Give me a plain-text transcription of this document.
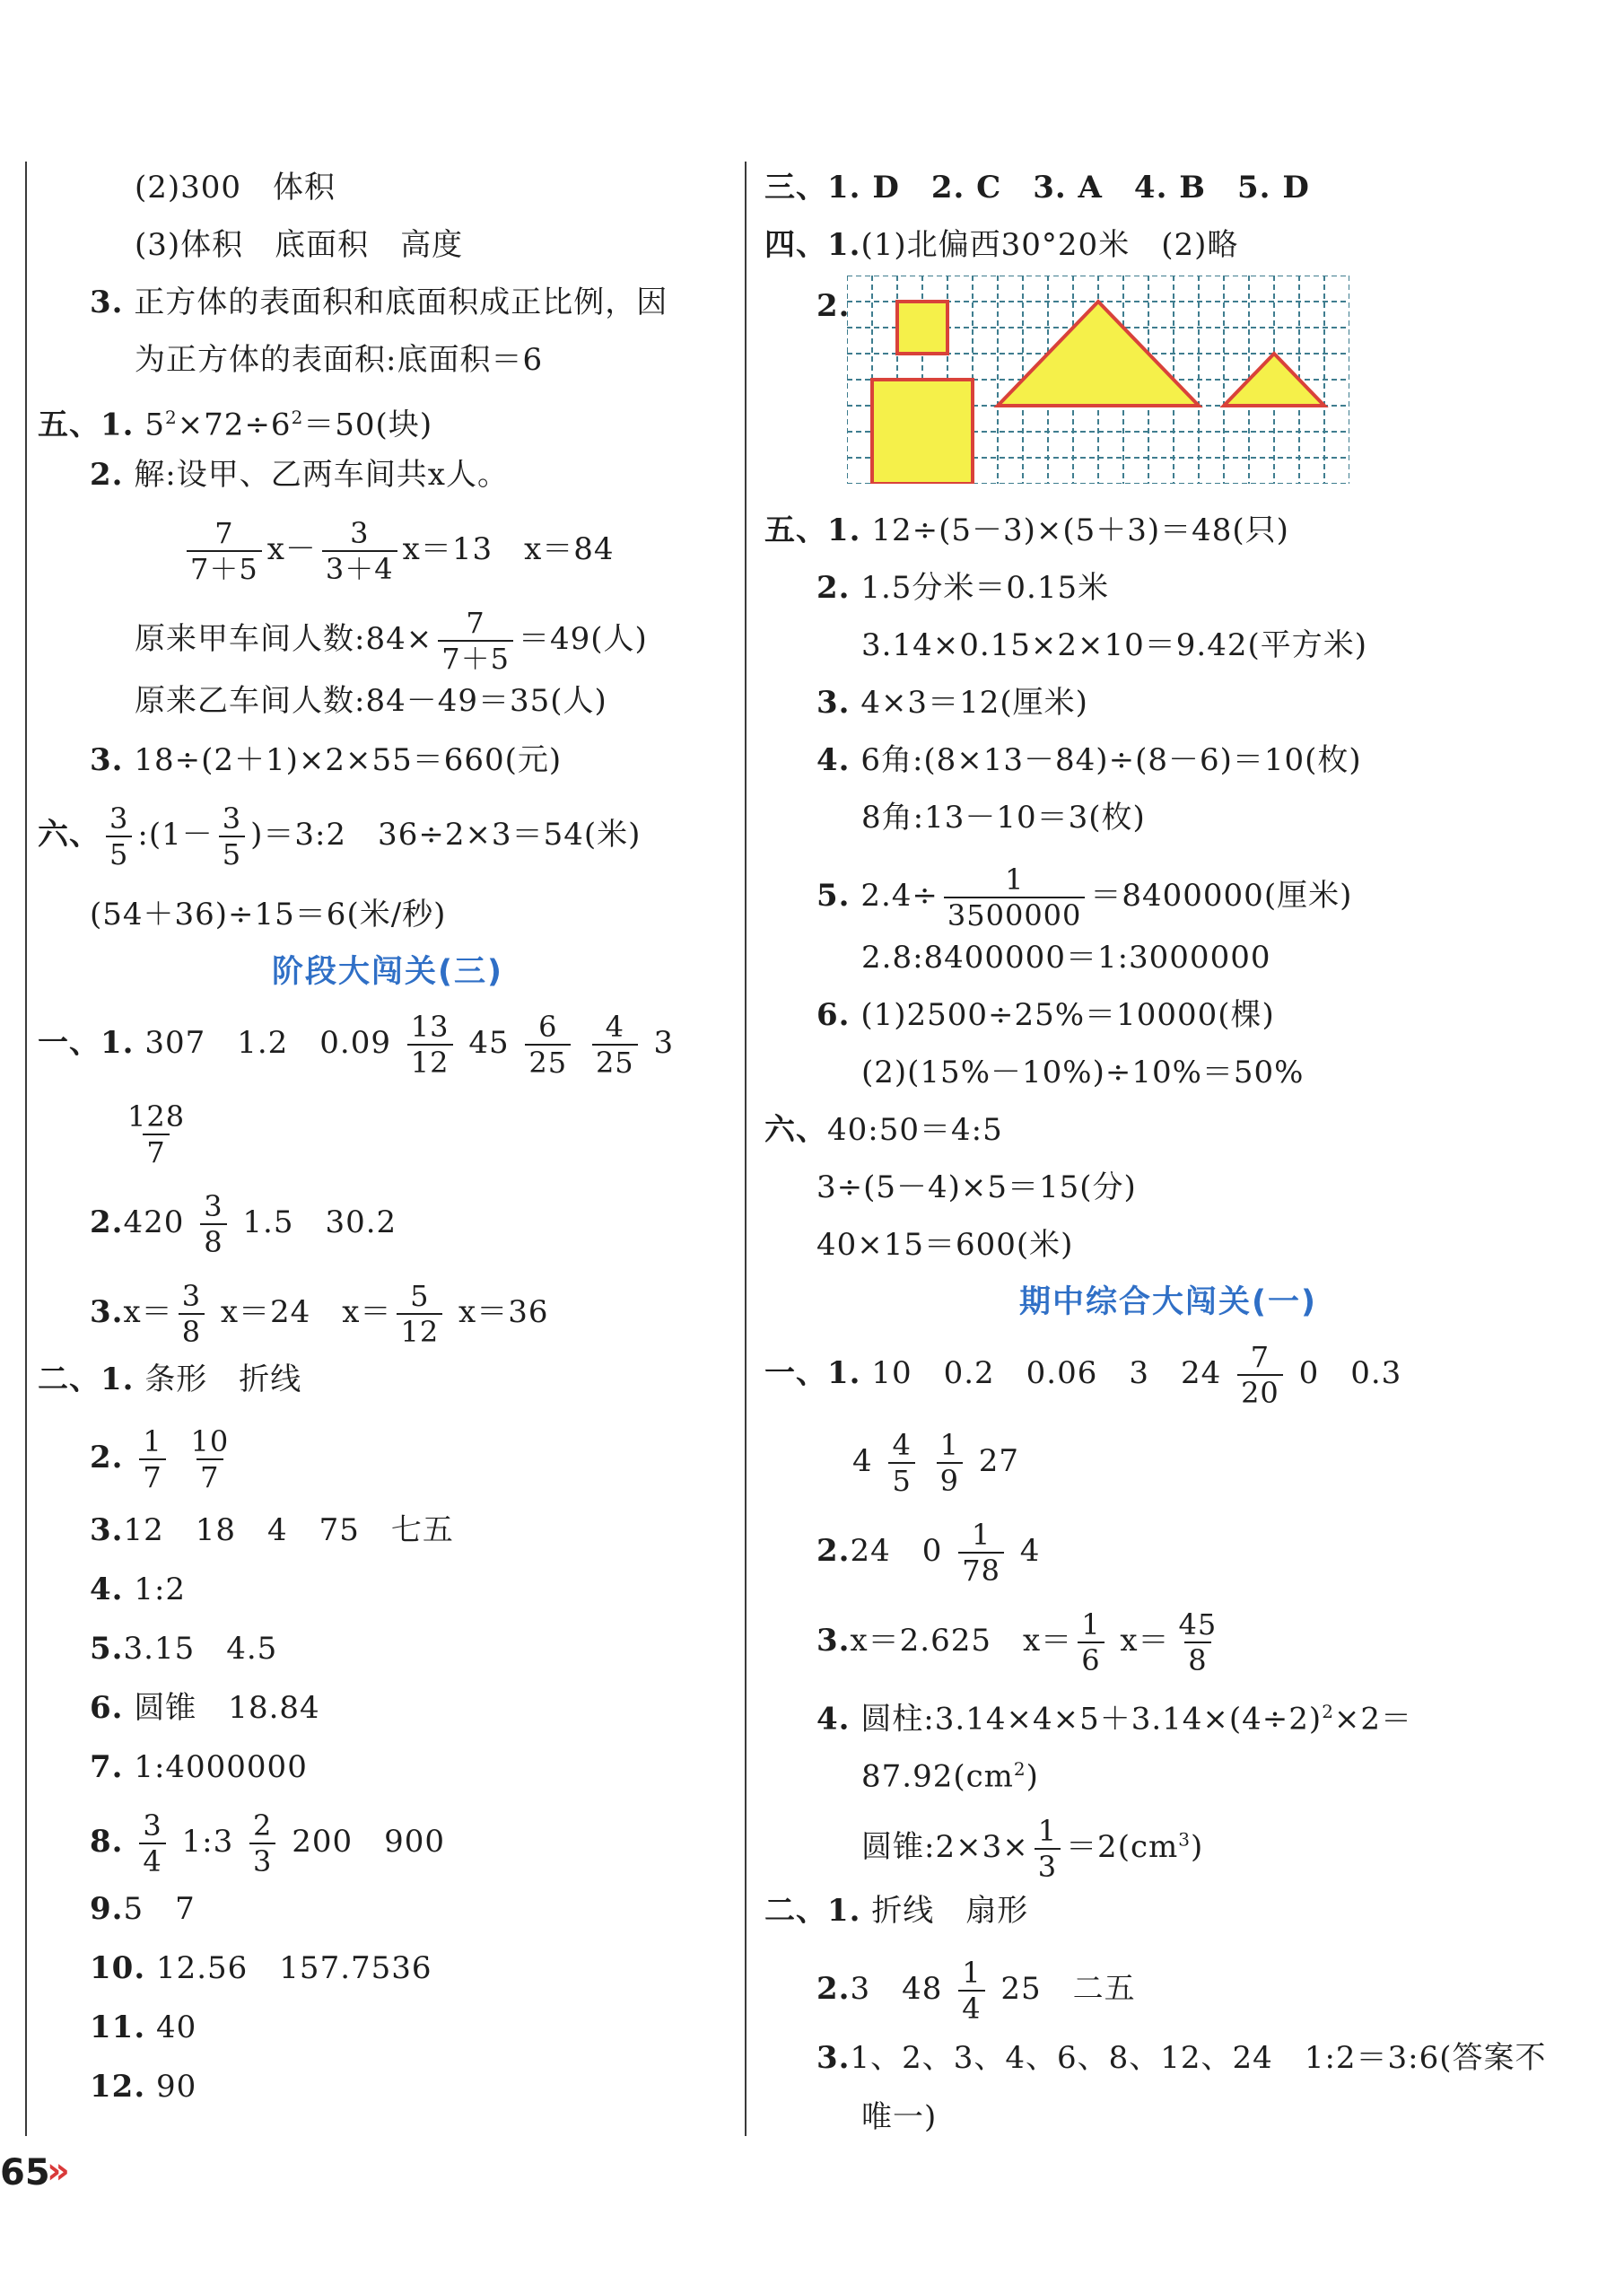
(2)300　体积
(3)体积　底面积　高度
3. 正方体的表面积和底面积成正比例，因
为正方体的表面积:底面积＝6
五、1. $5^2\times 72\div 6^2=50$(块)
2. 解:设甲、乙两车间共x人。
$\frac{7}{7+5} x- \frac{3}{3+4} x=13$　x＝84
原来甲车间人数:84× $\frac{7}{7+5} =49$(人)
原来乙车间人数:84－49＝35(人)
3. 18÷(2＋1)×2×55＝660(元)
六、 $\frac{3}{5}$ :(1－ $\frac{3}{5}$ )＝3:2　36÷2×3＝54(米)
(54＋36)÷15＝6(米/秒)
阶段大闯关(三)
一、1. 307　1.2　$0.09 \frac{13}{12} 45 \frac{6}{25}$
$\frac{4}{25} 3$
$\frac{128}{7}$
$2.420 \frac{3}{8} 1.5$　30.2
$3.x= \frac{3}{8} x=24$　$x= \frac{5}{12} x=36$
二、1. 条形　折线
2. $\frac{1}{7}$
$\frac{10}{7}$
3.12　18　4　75　七五
4. 1:2
5.3.15　4.5
6. 圆锥　18.84
7. 1:4000000
8. $\frac{3}{4}$ 1:3 $\frac{2}{3} 200$　900
9.5　7
10. 12.56　157.7536
11. 40
12. 90
三、1. D　2. C　3. A　4. B　5. D
四、1.(1)北偏西30°20米　(2)略
2.
五、1. 12÷(5－3)×(5＋3)＝48(只)
2. 1.5分米＝0.15米
3.14×0.15×2×10＝9.42(平方米)
3. 4×3＝12(厘米)
4. 6角:(8×13－84)÷(8－6)＝10(枚)
8角:13－10＝3(枚)
5. $2.4\div \frac{1}{3500000} =8400000$(厘米)
2.8:8400000＝1:3000000
6. (1)2500÷25%＝10000(棵)
(2)(15%－10%)÷10%＝50%
六、40:50＝4:5
3÷(5－4)×5＝15(分)
40×15＝600(米)
期中综合大闯关(一)
一、1. 10　0.2　0.06　3　$24 \frac{7}{20} 0$　0.3
$4 \frac{4}{5}$
$\frac{1}{9} 27$
2.24　$0 \frac{1}{78} 4$
3.x＝2.625　$x= \frac{1}{6} x= \frac{45}{8}$
4. 圆柱$:3.14\times 4\times 5+3.14\times(4\div 2)^2\times 2=$
$87.92(cm^2)$
圆锥:2×3× $\frac{1}{3} =2(cm^3)$
二、1. 折线　扇形
2.3　$48 \frac{1}{4} 25$　二五
3.1、2、3、4、6、8、12、24　1:2＝3:6(答案不
唯一)
65
»
